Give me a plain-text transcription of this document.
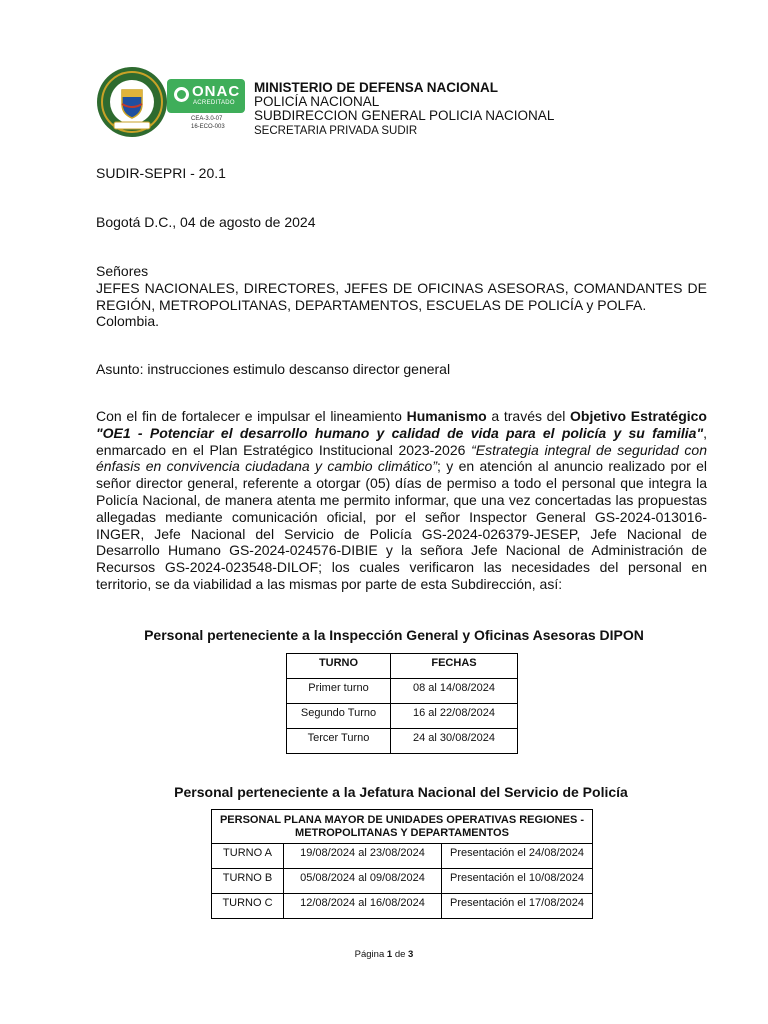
ONAC
ACREDITADO
CEA-3.0-07
16-ECO-003
MINISTERIO DE DEFENSA NACIONAL
POLICÍA NACIONAL
SUBDIRECCION GENERAL POLICIA NACIONAL
SECRETARIA PRIVADA SUDIR
SUDIR-SEPRI - 20.1
Bogotá D.C., 04 de agosto de 2024

Señores

JEFES NACIONALES, DIRECTORES, JEFES DE OFICINAS ASESORAS, COMANDANTES DE REGIÓN, METROPOLITANAS, DEPARTAMENTOS, ESCUELAS DE POLICÍA y POLFA.

Colombia.

Asunto: instrucciones estimulo descanso director general

Con el fin de fortalecer e impulsar el lineamiento Humanismo a través del Objetivo Estratégico "OE1 - Potenciar el desarrollo humano y calidad de vida para el policía y su familia", enmarcado en el Plan Estratégico Institucional 2023-2026 “Estrategia integral de seguridad con énfasis en convivencia ciudadana y cambio climático”; y en atención al anuncio realizado por el señor director general, referente a otorgar (05) días de permiso a todo el personal que integra la Policía Nacional, de manera atenta me permito informar, que una vez concertadas las propuestas allegadas mediante comunicación oficial, por el señor Inspector General GS-2024-013016-INGER, Jefe Nacional del Servicio de Policía GS-2024-026379-JESEP, Jefe Nacional de Desarrollo Humano GS-2024-024576-DIBIE y la señora Jefe Nacional de Administración de Recursos GS-2024-023548-DILOF; los cuales verificaron las necesidades del personal en territorio, se da viabilidad a las mismas por parte de esta Subdirección, así:

Personal perteneciente a la Inspección General y Oficinas Asesoras DIPON
TURNO	FECHAS
Primer turno	08 al 14/08/2024
Segundo Turno	16 al 22/08/2024
Tercer Turno	24 al 30/08/2024
Personal perteneciente a la Jefatura Nacional del Servicio de Policía
PERSONAL PLANA MAYOR DE UNIDADES OPERATIVAS REGIONES - METROPOLITANAS Y DEPARTAMENTOS		
TURNO A	19/08/2024 al 23/08/2024	Presentación el 24/08/2024
TURNO B	05/08/2024 al 09/08/2024	Presentación el 10/08/2024
TURNO C	12/08/2024 al 16/08/2024	Presentación el 17/08/2024
Página 1 de 3
